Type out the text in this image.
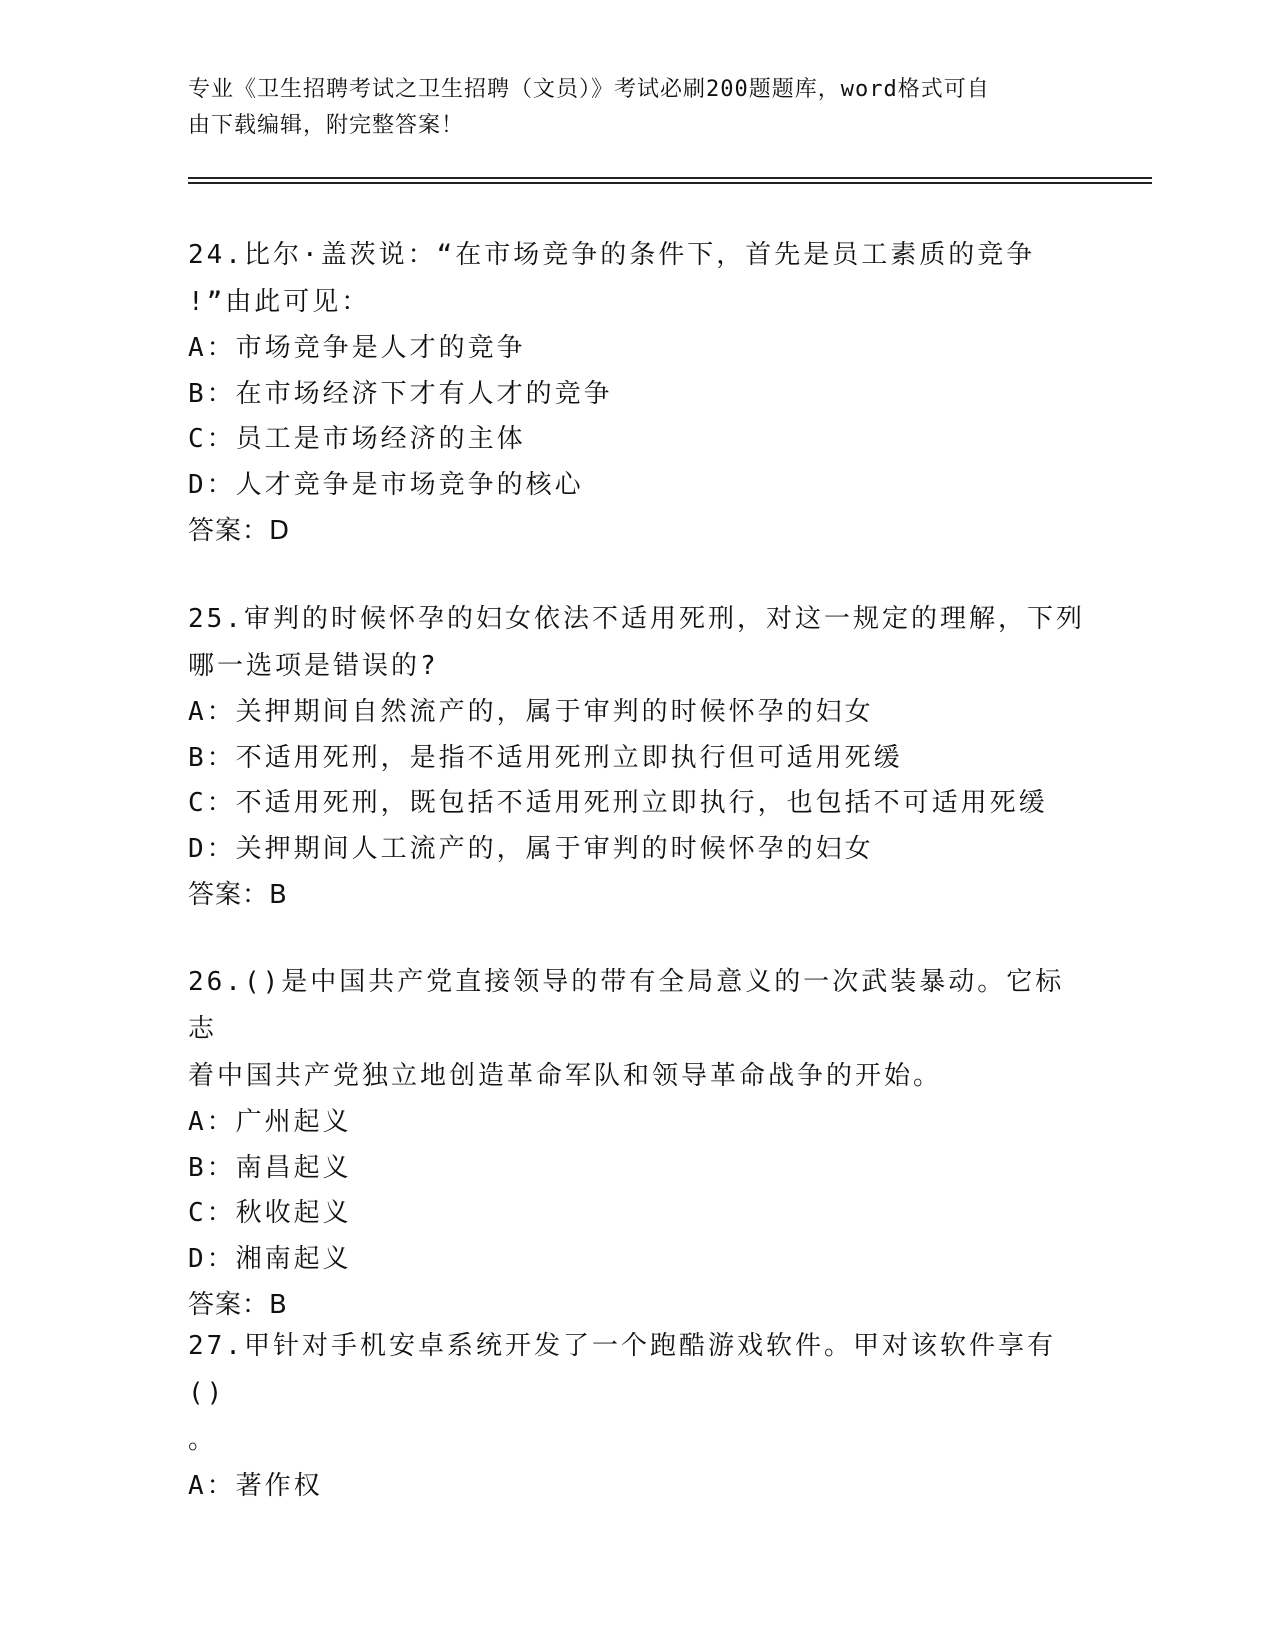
专业《卫生招聘考试之卫生招聘（文员）》考试必刷200题题库，word格式可自
由下载编辑，附完整答案！

24.比尔·盖茨说：“在市场竞争的条件下，首先是员工素质的竞争

!”由此可见：

A：市场竞争是人才的竞争

B：在市场经济下才有人才的竞争

C：员工是市场经济的主体

D：人才竞争是市场竞争的核心

答案：D

25.审判的时候怀孕的妇女依法不适用死刑，对这一规定的理解，下列

哪一选项是错误的?

A：关押期间自然流产的，属于审判的时候怀孕的妇女

B：不适用死刑，是指不适用死刑立即执行但可适用死缓

C：不适用死刑，既包括不适用死刑立即执行，也包括不可适用死缓

D：关押期间人工流产的，属于审判的时候怀孕的妇女

答案：B

26.()是中国共产党直接领导的带有全局意义的一次武装暴动。它标志

着中国共产党独立地创造革命军队和领导革命战争的开始。

A：广州起义

B：南昌起义

C：秋收起义

D：湘南起义

答案：B

27.甲针对手机安卓系统开发了一个跑酷游戏软件。甲对该软件享有()

。

A：著作权
